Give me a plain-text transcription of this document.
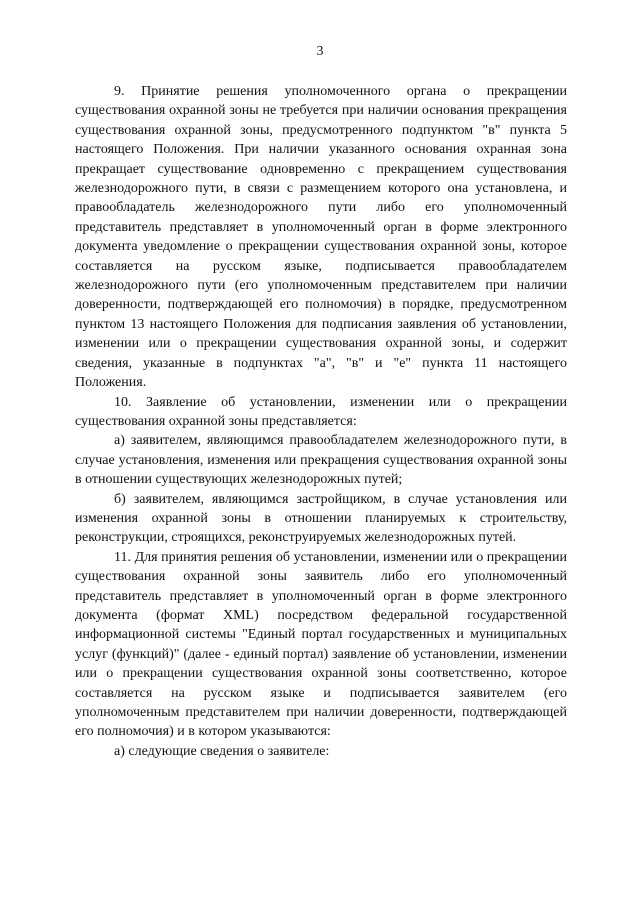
3

9. Принятие решения уполномоченного органа о прекращении существования охранной зоны не требуется при наличии основания прекращения существования охранной зоны, предусмотренного подпунктом "в" пункта 5 настоящего Положения. При наличии указанного основания охранная зона прекращает существование одновременно с прекращением существования железнодорожного пути, в связи с размещением которого она установлена, и правообладатель железнодорожного пути либо его уполномоченный представитель представляет в уполномоченный орган в форме электронного документа уведомление о прекращении существования охранной зоны, которое составляется на русском языке, подписывается правообладателем железнодорожного пути (его уполномоченным представителем при наличии доверенности, подтверждающей его полномочия) в порядке, предусмотренном пунктом 13 настоящего Положения для подписания заявления об установлении, изменении или о прекращении существования охранной зоны, и содержит сведения, указанные в подпунктах "а", "в" и "е" пункта 11 настоящего Положения.

10. Заявление об установлении, изменении или о прекращении существования охранной зоны представляется:

а) заявителем, являющимся правообладателем железнодорожного пути, в случае установления, изменения или прекращения существования охранной зоны в отношении существующих железнодорожных путей;

б) заявителем, являющимся застройщиком, в случае установления или изменения охранной зоны в отношении планируемых к строительству, реконструкции, строящихся, реконструируемых железнодорожных путей.

11. Для принятия решения об установлении, изменении или о прекращении существования охранной зоны заявитель либо его уполномоченный представитель представляет в уполномоченный орган в форме электронного документа (формат XML) посредством федеральной государственной информационной системы "Единый портал государственных и муниципальных услуг (функций)" (далее - единый портал) заявление об установлении, изменении или о прекращении существования охранной зоны соответственно, которое составляется на русском языке и подписывается заявителем (его уполномоченным представителем при наличии доверенности, подтверждающей его полномочия) и в котором указываются:

а) следующие сведения о заявителе:
